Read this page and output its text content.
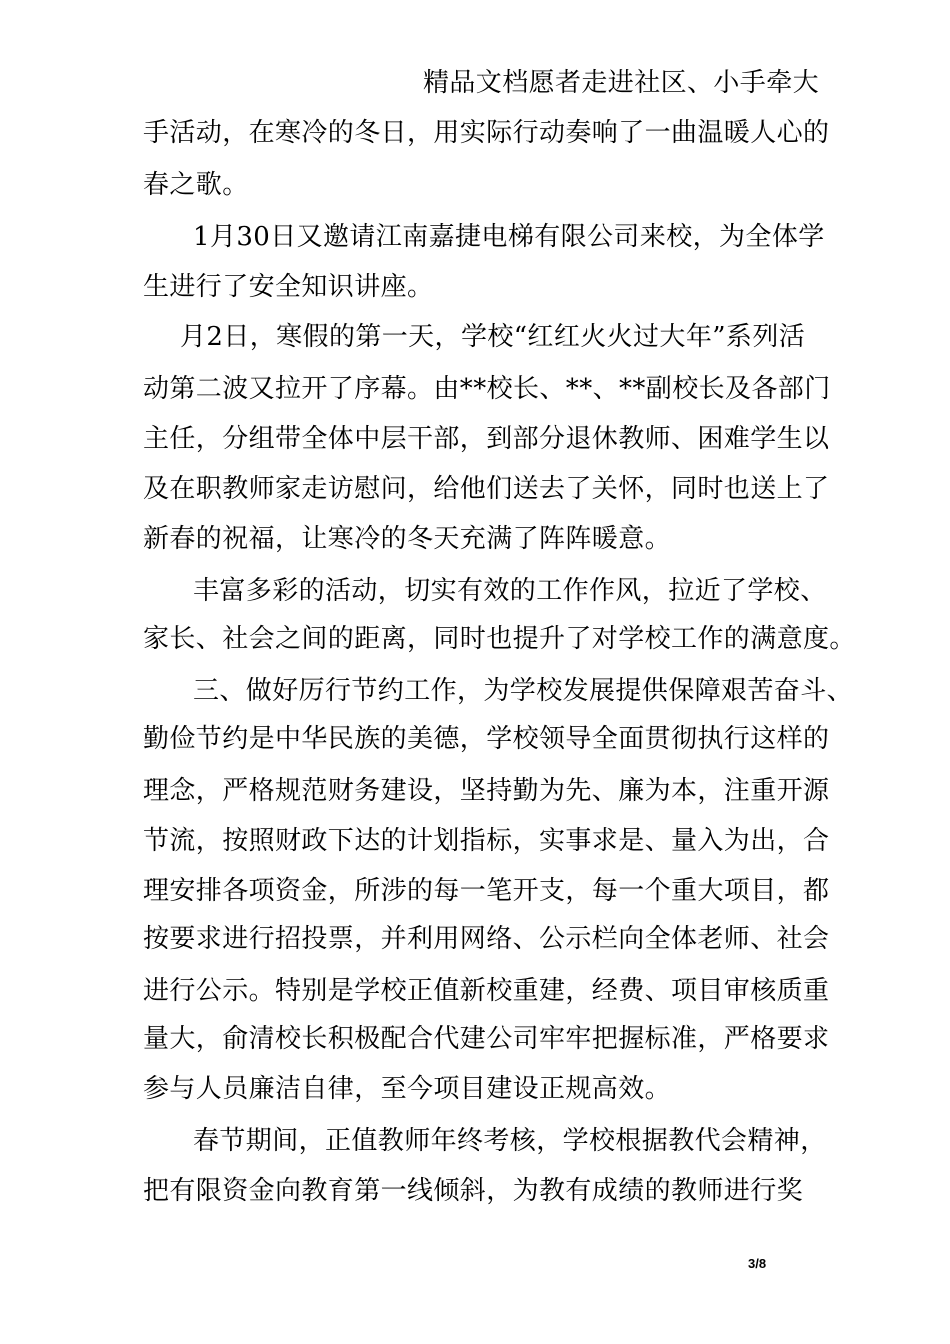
精品文档愿者走进社区、小手牵大
手活动，在寒冷的冬日，用实际行动奏响了一曲温暖人心的
春之歌。
1月30日又邀请江南嘉捷电梯有限公司来校，为全体学
生进行了安全知识讲座。
月2日，寒假的第一天，学校“红红火火过大年”系列活
动第二波又拉开了序幕。由**校长、**、**副校长及各部门
主任，分组带全体中层干部，到部分退休教师、困难学生以
及在职教师家走访慰问，给他们送去了关怀，同时也送上了
新春的祝福，让寒冷的冬天充满了阵阵暖意。
丰富多彩的活动，切实有效的工作作风，拉近了学校、
家长、社会之间的距离，同时也提升了对学校工作的满意度。
三、做好厉行节约工作，为学校发展提供保障艰苦奋斗、
勤俭节约是中华民族的美德，学校领导全面贯彻执行这样的
理念，严格规范财务建设，坚持勤为先、廉为本，注重开源
节流，按照财政下达的计划指标，实事求是、量入为出，合
理安排各项资金，所涉的每一笔开支，每一个重大项目，都
按要求进行招投票，并利用网络、公示栏向全体老师、社会
进行公示。特别是学校正值新校重建，经费、项目审核质重
量大，俞清校长积极配合代建公司牢牢把握标准，严格要求
参与人员廉洁自律，至今项目建设正规高效。
春节期间，正值教师年终考核，学校根据教代会精神，
把有限资金向教育第一线倾斜，为教有成绩的教师进行奖
3/8
